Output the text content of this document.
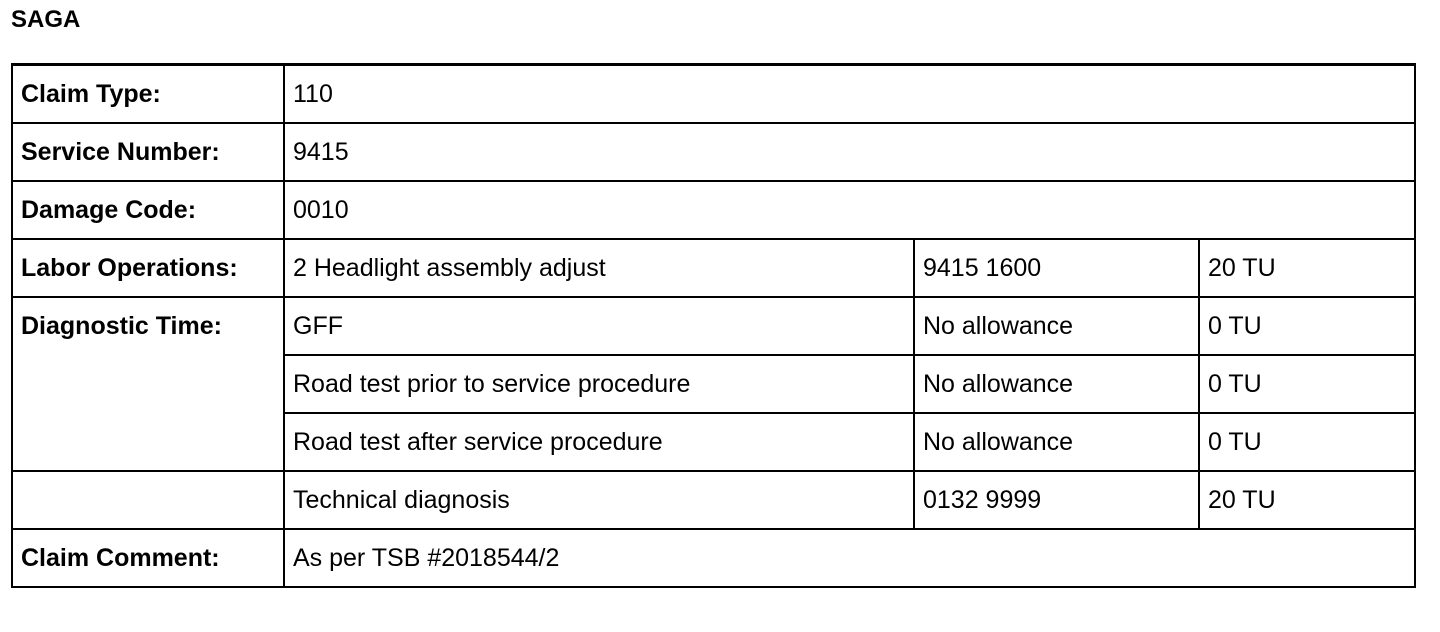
SAGA
Claim Type:	110		
Service Number:	9415		
Damage Code:	0010		
Labor Operations:	2 Headlight assembly adjust	9415 1600	20 TU
Diagnostic Time:	GFF	No allowance	0 TU
	Road test prior to service procedure	No allowance	0 TU
	Road test after service procedure	No allowance	0 TU
	Technical diagnosis	0132 9999	20 TU
Claim Comment:	As per TSB #2018544/2		
